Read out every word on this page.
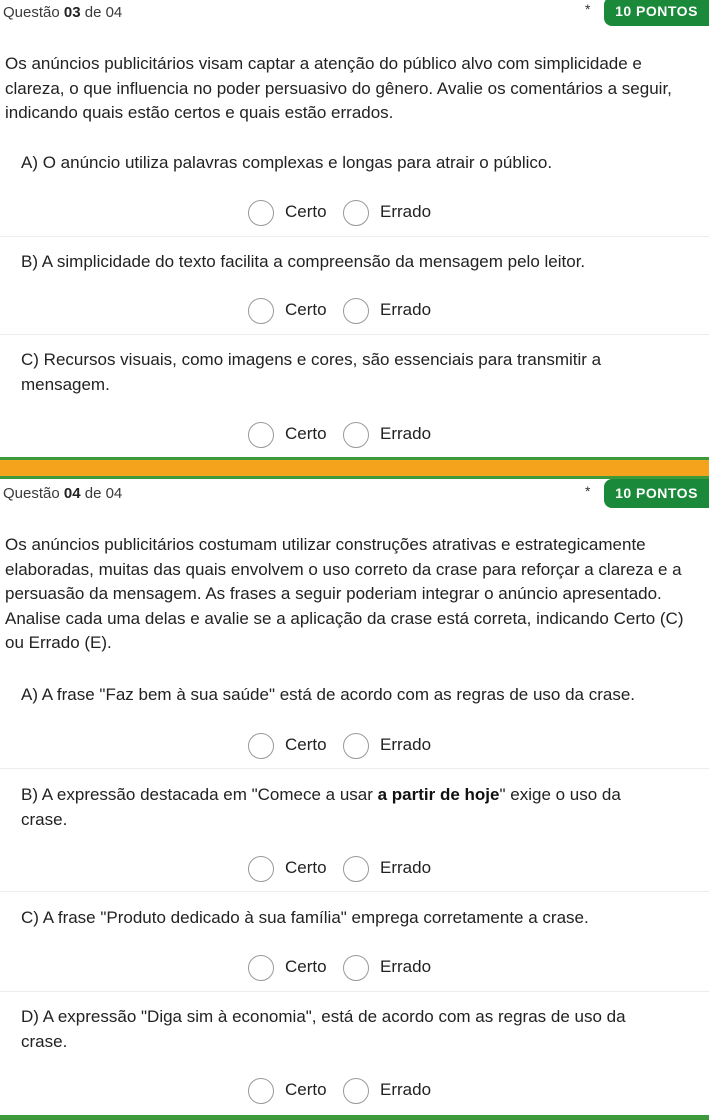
Questão 03 de 04	*	10 PONTOS
Os anúncios publicitários visam captar a atenção do público alvo com simplicidade e clareza, o que influencia no poder persuasivo do gênero. Avalie os comentários a seguir, indicando quais estão certos e quais estão errados.
A) O anúncio utiliza palavras complexas e longas para atrair o público.
Certo	Errado
B) A simplicidade do texto facilita a compreensão da mensagem pelo leitor.
Certo	Errado
C) Recursos visuais, como imagens e cores, são essenciais para transmitir a mensagem.
Certo	Errado
Questão 04 de 04	*	10 PONTOS
Os anúncios publicitários costumam utilizar construções atrativas e estrategicamente elaboradas, muitas das quais envolvem o uso correto da crase para reforçar a clareza e a persuasão da mensagem. As frases a seguir poderiam integrar o anúncio apresentado. Analise cada uma delas e avalie se a aplicação da crase está correta, indicando Certo (C) ou Errado (E).
A) A frase "Faz bem à sua saúde" está de acordo com as regras de uso da crase.
Certo	Errado
B) A expressão destacada em "Comece a usar a partir de hoje" exige o uso da crase.
Certo	Errado
C) A frase "Produto dedicado à sua família" emprega corretamente a crase.
Certo	Errado
D) A expressão "Diga sim à economia", está de acordo com as regras de uso da crase.
Certo	Errado
